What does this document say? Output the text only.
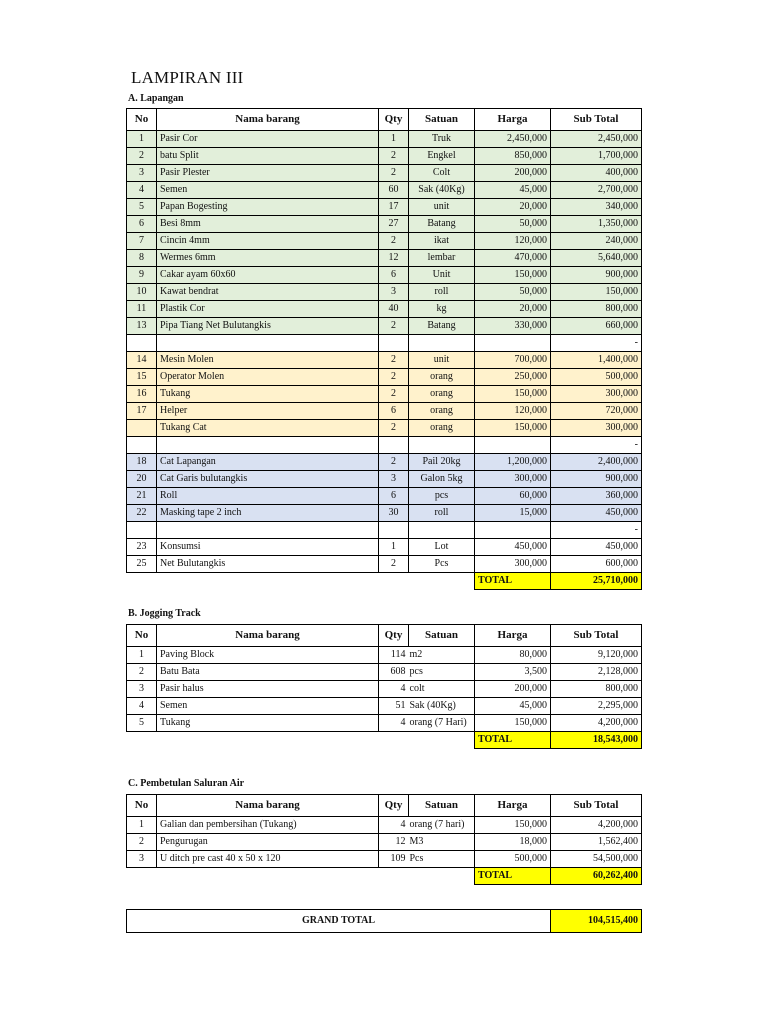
LAMPIRAN III
A. Lapangan
No	Nama barang	Qty	Satuan	Harga	Sub Total
1	Pasir Cor	1	Truk	2,450,000	2,450,000
2	batu Split	2	Engkel	850,000	1,700,000
3	Pasir Plester	2	Colt	200,000	400,000
4	Semen	60	Sak (40Kg)	45,000	2,700,000
5	Papan Bogesting	17	unit	20,000	340,000
6	Besi 8mm	27	Batang	50,000	1,350,000
7	Cincin 4mm	2	ikat	120,000	240,000
8	Wermes 6mm	12	lembar	470,000	5,640,000
9	Cakar ayam 60x60	6	Unit	150,000	900,000
10	Kawat bendrat	3	roll	50,000	150,000
11	Plastik Cor	40	kg	20,000	800,000
13	Pipa Tiang Net Bulutangkis	2	Batang	330,000	660,000
					-
14	Mesin Molen	2	unit	700,000	1,400,000
15	Operator Molen	2	orang	250,000	500,000
16	Tukang	2	orang	150,000	300,000
17	Helper	6	orang	120,000	720,000
	Tukang Cat	2	orang	150,000	300,000
					-
18	Cat Lapangan	2	Pail 20kg	1,200,000	2,400,000
20	Cat Garis bulutangkis	3	Galon 5kg	300,000	900,000
21	Roll	6	pcs	60,000	360,000
22	Masking tape 2 inch	30	roll	15,000	450,000
					-
23	Konsumsi	1	Lot	450,000	450,000
25	Net Bulutangkis	2	Pcs	300,000	600,000
				TOTAL	25,710,000
B. Jogging Track
No	Nama barang	Qty	Satuan	Harga	Sub Total
1	Paving Block	114	m2	80,000	9,120,000
2	Batu Bata	608	pcs	3,500	2,128,000
3	Pasir halus	4	colt	200,000	800,000
4	Semen	51	Sak (40Kg)	45,000	2,295,000
5	Tukang	4	orang (7 Hari)	150,000	4,200,000
				TOTAL	18,543,000
C. Pembetulan Saluran Air
No	Nama barang	Qty	Satuan	Harga	Sub Total
1	Galian dan pembersihan (Tukang)	4	orang (7 hari)	150,000	4,200,000
2	Pengurugan	12	M3	18,000	1,562,400
3	U ditch pre cast 40 x 50 x 120	109	Pcs	500,000	54,500,000
				TOTAL	60,262,400
GRAND TOTAL	104,515,400
